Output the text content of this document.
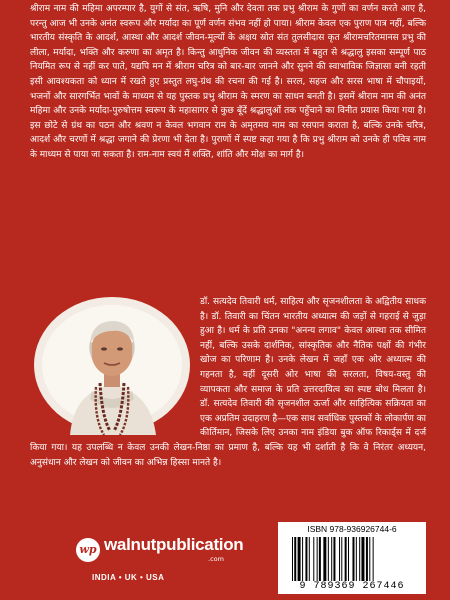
श्रीराम नाम की महिमा अपरम्पार है, युगों से संत, ऋषि, मुनि और देवता तक प्रभु श्रीराम के गुणों का वर्णन करते आए है, परन्तु आज भी उनके अनंत स्वरूप और मर्यादा का पूर्ण वर्णन संभव नहीं हो पाया। श्रीराम केवल एक पुराण पात्र नहीं, बल्कि भारतीय संस्कृति के आदर्श, आस्था और आदर्श जीवन-मूल्यों के अक्षय स्रोत संत तुलसीदास कृत श्रीरामचरितमानस प्रभु की लीला, मर्यादा, भक्ति और करुणा का अमृत है। किन्तु आधुनिक जीवन की व्यस्तता में बहुत से श्रद्धालु इसका सम्पूर्ण पाठ नियमित रूप से नहीं कर पाते, यद्यपि मन में श्रीराम चरित्र को बार-बार जानने और सुनने की स्वाभाविक जिज्ञासा बनी रहती इसी आवश्यकता को ध्यान में रखते हुए प्रस्तुत लघु-ग्रंथ की रचना की गई है। सरल, सहज और सरस भाषा में चौपाइयों, भजनों और सारगर्भित भावों के माध्यम से यह पुस्तक प्रभु श्रीराम के स्मरण का साधन बनती है। इसमें श्रीराम नाम की अनंत महिमा और उनके मर्यादा-पुरुषोत्तम स्वरूप के महासागर से कुछ बूँदें श्रद्धालुओं तक पहुँचाने का विनीत प्रयास किया गया है। इस छोटे से ग्रंथ का पठन और श्रवण न केवल भगवान राम के अमृतमय नाम का रसपान कराता है, बल्कि उनके चरित्र, आदर्श और चरणों में श्रद्धा जगाने की प्रेरणा भी देता है। पुराणों में स्पष्ट कहा गया है कि प्रभु श्रीराम को उनके ही पवित्र नाम के माध्यम से पाया जा सकता है। राम-नाम स्वयं में शक्ति, शांति और मोक्ष का मार्ग है।

डॉ. सत्यदेव तिवारी धर्म, साहित्य और सृजनशीलता के अद्वितीय साधक है। डॉ. तिवारी का चिंतन भारतीय अध्यात्म की जड़ों से गहराई से जुड़ा हुआ है। धर्म के प्रति उनका "अनन्य लगाव" केवल आस्था तक सीमित नहीं, बल्कि उसके दार्शनिक, सांस्कृतिक और नैतिक पक्षों की गंभीर खोज का परिणाम है। उनके लेखन में जहाँ एक ओर अध्यात्म की गहनता है, वहीं दूसरी ओर भाषा की सरलता, विषय-वस्तु की व्यापकता और समाज के प्रति उत्तरदायित्व का स्पष्ट बोध मिलता है। डॉ. सत्यदेव तिवारी की सृजनशील ऊर्जा और साहित्यिक सक्रियता का एक अप्रतिम उदाहरण है—एक साथ सर्वाधिक पुस्तकों के लोकार्पण का कीर्तिमान, जिसके लिए उनका नाम इंडिया बुक ऑफ रिकार्ड्स में दर्ज किया गया। यह उपलब्धि न केवल उनकी लेखन-निष्ठा का प्रमाण है, बल्कि यह भी दर्शाती है कि वे निरंतर अध्ययन, अनुसंधान और लेखन को जीवन का अभिन्न हिस्सा मानते है।

wp walnutpublication
.com
INDIA • UK • USA
ISBN 978-936926744-6
9 789369 267446
